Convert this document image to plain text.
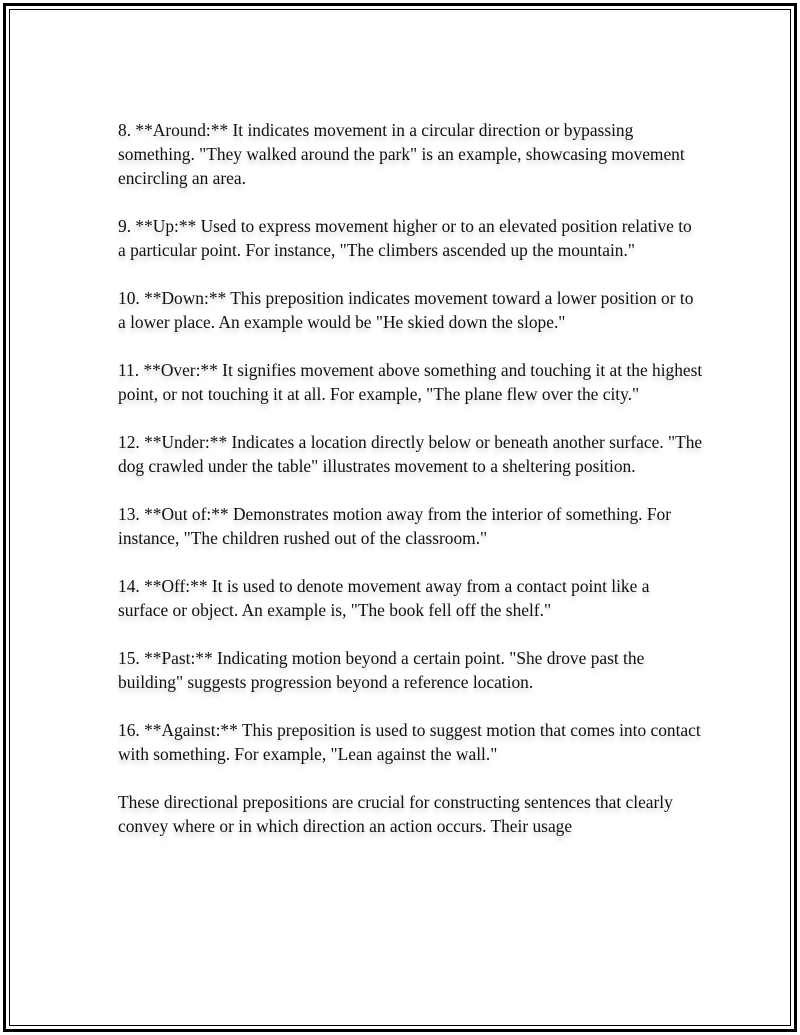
8. **Around:** It indicates movement in a circular direction or bypassing something. "They walked around the park" is an example, showcasing movement encircling an area.

9. **Up:** Used to express movement higher or to an elevated position relative to a particular point. For instance, "The climbers ascended up the mountain."

10. **Down:** This preposition indicates movement toward a lower position or to a lower place. An example would be "He skied down the slope."

11. **Over:** It signifies movement above something and touching it at the highest point, or not touching it at all. For example, "The plane flew over the city."

12. **Under:** Indicates a location directly below or beneath another surface. "The dog crawled under the table" illustrates movement to a sheltering position.

13. **Out of:** Demonstrates motion away from the interior of something. For instance, "The children rushed out of the classroom."

14. **Off:** It is used to denote movement away from a contact point like a surface or object. An example is, "The book fell off the shelf."

15. **Past:** Indicating motion beyond a certain point. "She drove past the building" suggests progression beyond a reference location.

16. **Against:** This preposition is used to suggest motion that comes into contact with something. For example, "Lean against the wall."

These directional prepositions are crucial for constructing sentences that clearly convey where or in which direction an action occurs. Their usage
